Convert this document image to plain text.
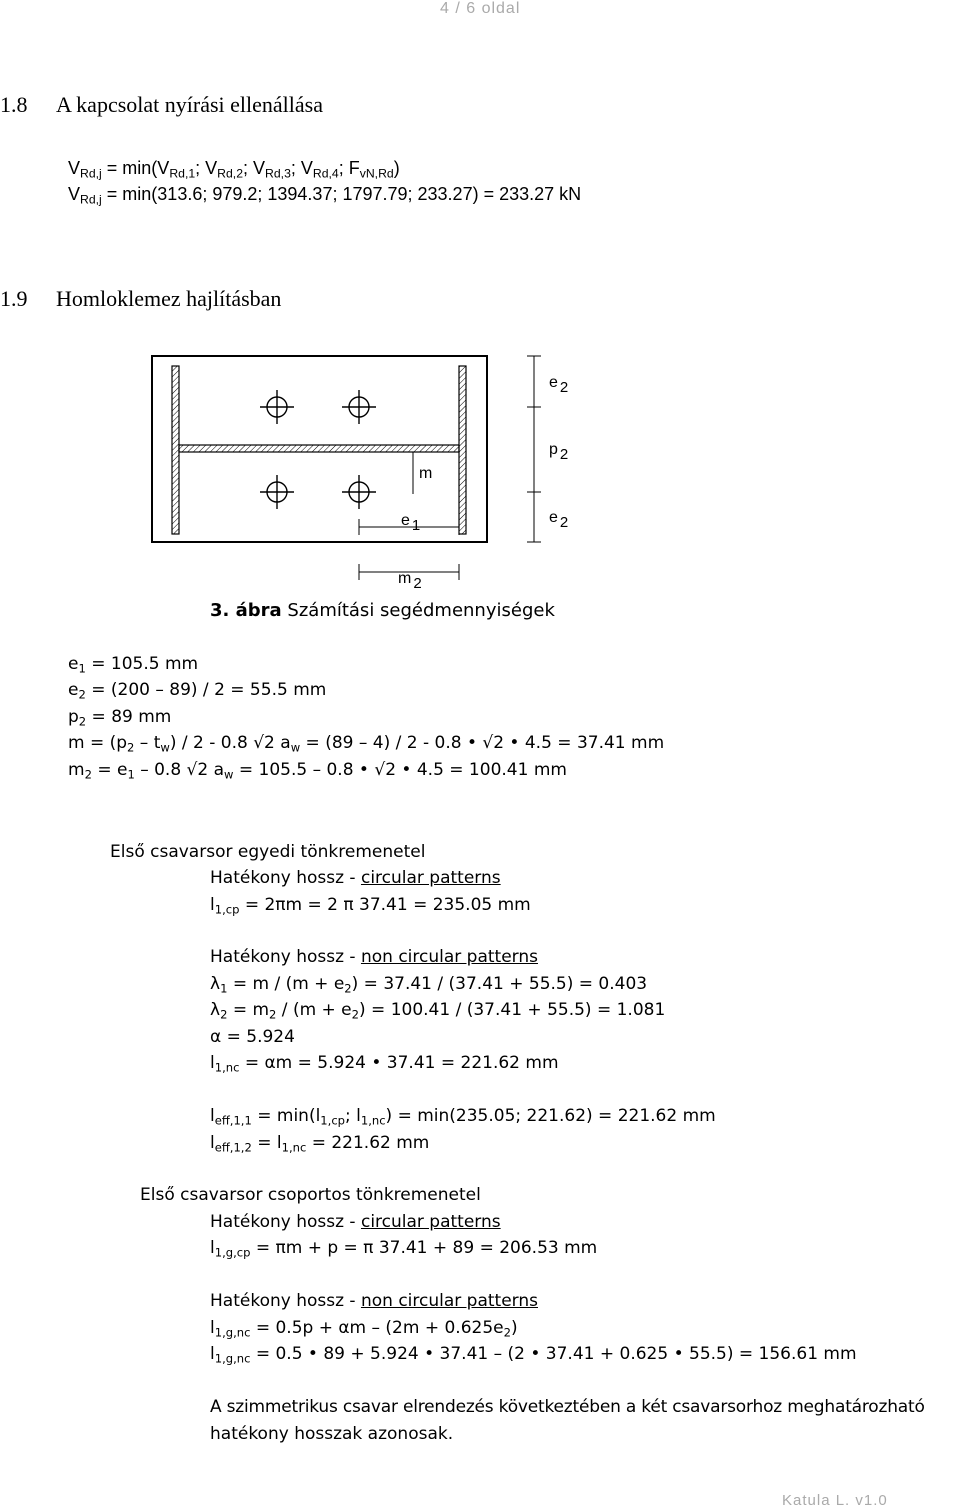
4 / 6 oldal
1.8 A kapcsolat nyírási ellenállása
$V_{Rd,j} = \min(V_{Rd,1}$; $V_{Rd,2}$; $V_{Rd,3}$; $V_{Rd,4}$; $F_{vN,Rd}$)
$V_{Rd,j} = \min(313.6$; 979.2; 1394.37; 1797.79; 233.27) = 233.27 kN
1.9 Homloklemez hajlításban
e 2
p 2
e 2
m
e 1
m 2
3. ábra Számítási segédmennyiségek
$e_1 = 105.5$ mm
$e_2 = (200 - 89) / 2 = 55.5$ mm
$p_2 = 89$ mm
$m = (p_2 - t_w) / 2 - 0.8$ √2 $a_w = (89 - 4) / 2 - 0.8$ • √2 • 4.5 = 37.41 mm
$m_2 = e_1 - 0.8$ √2 $a_w = 105.5 - 0.8$ • √2 • 4.5 = 100.41 mm
Első csavarsor egyedi tönkremenetel
Hatékony hossz - circular patterns
$l_{1,cp} = 2\pi m = 2$ π 37.41 = 235.05 mm
Hatékony hossz - non circular patterns
$\lambda_1 = m / (m + e_2) = 37.41 / (37.41 + 55.5) = 0.403$
$\lambda_2 = m_2 / (m + e_2) = 100.41 / (37.41 + 55.5) = 1.081$
α = 5.924
$l_{1,nc} = \alpha m = 5.924$ • 37.41 = 221.62 mm
$l_{eff,1,1} = \min(l_{1,cp}$; $l_{1,nc}) = \min(235.05$; 221.62) = 221.62 mm
$l_{eff,1,2} = l_{1,nc} = 221.62$ mm
Első csavarsor csoportos tönkremenetel
Hatékony hossz - circular patterns
$l_{1,g,cp} = \pi m + p = \pi$ 37.41 + 89 = 206.53 mm
Hatékony hossz - non circular patterns
$l_{1,g,nc} = 0.5p + \alpha m - (2m + 0.625e_2)$
$l_{1,g,nc} = 0.5$ • 89 + 5.924 • 37.41 – (2 • 37.41 + 0.625 • 55.5) = 156.61 mm
A szimmetrikus csavar elrendezés következtében a két csavarsorhoz meghatározható
hatékony hosszak azonosak.
Katula L. v1.0
